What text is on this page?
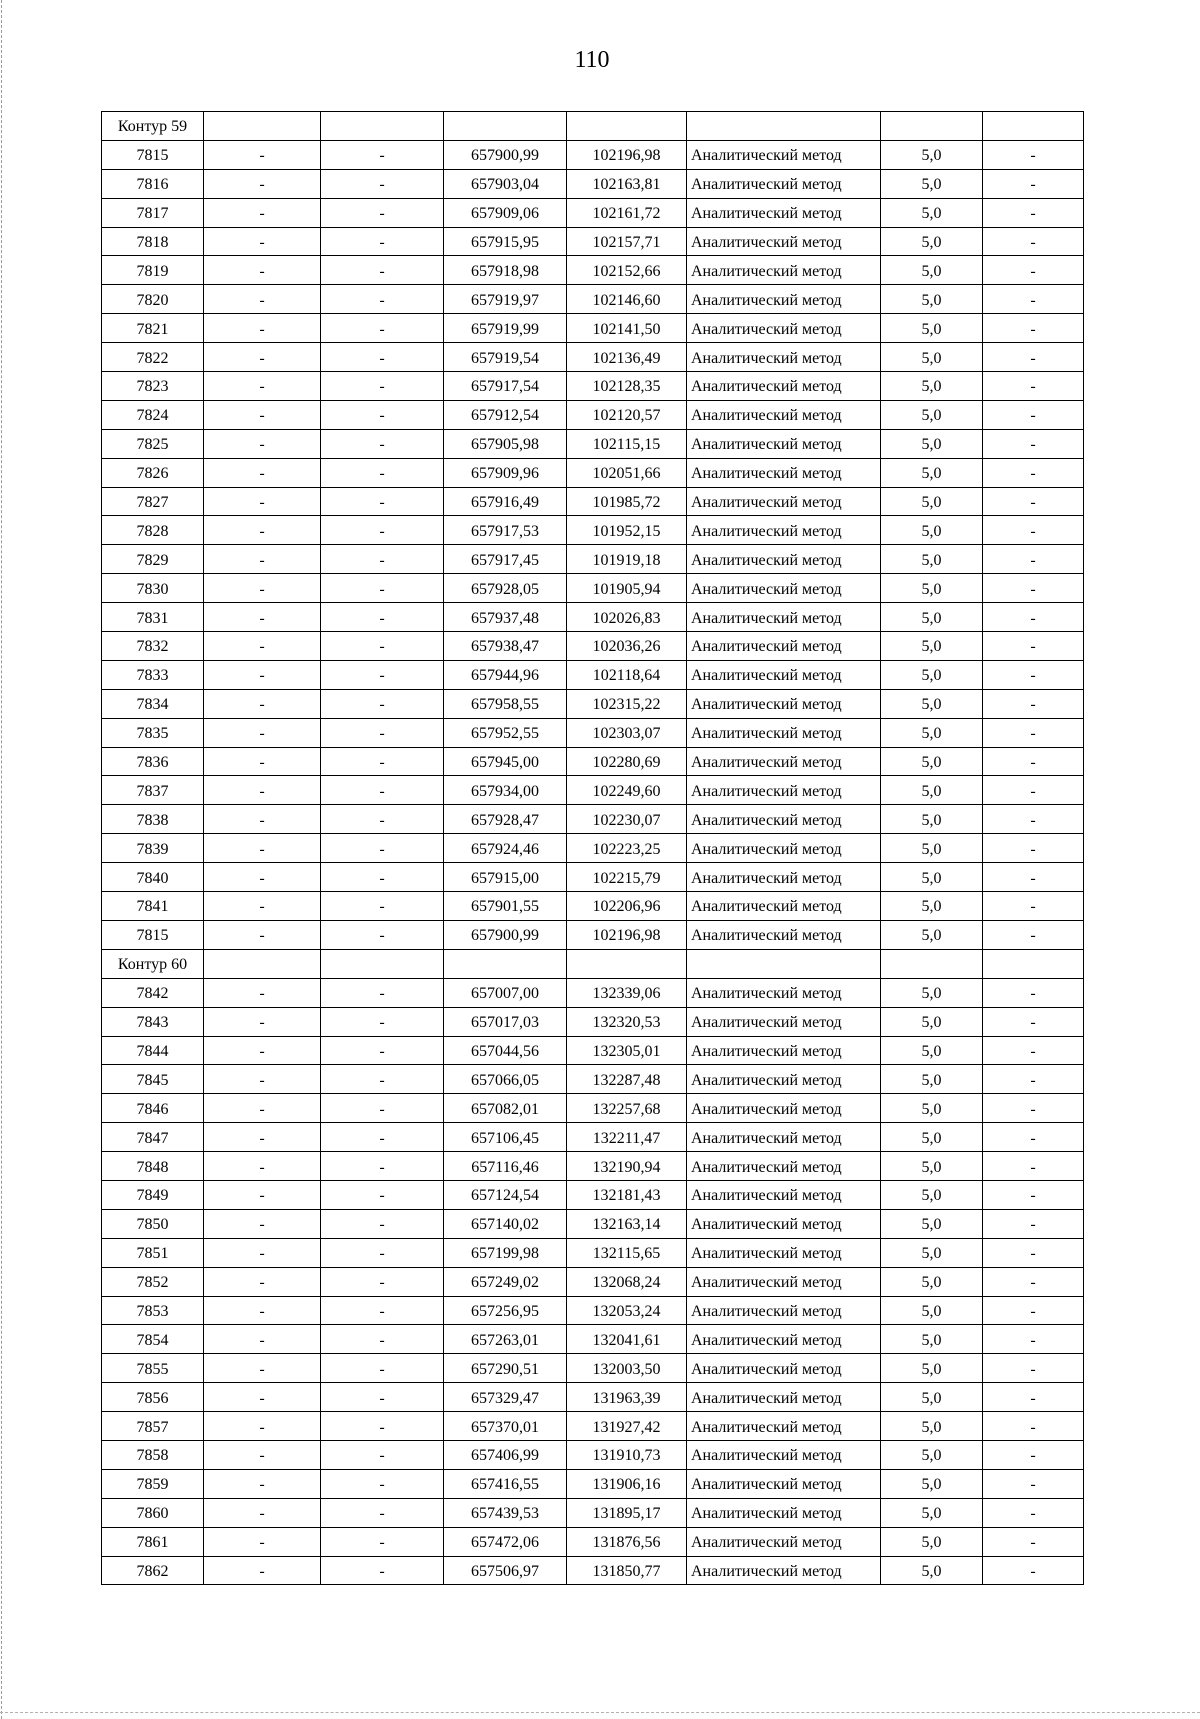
110
Контур 59							
7815	-	-	657900,99	102196,98	Аналитический метод	5,0	-
7816	-	-	657903,04	102163,81	Аналитический метод	5,0	-
7817	-	-	657909,06	102161,72	Аналитический метод	5,0	-
7818	-	-	657915,95	102157,71	Аналитический метод	5,0	-
7819	-	-	657918,98	102152,66	Аналитический метод	5,0	-
7820	-	-	657919,97	102146,60	Аналитический метод	5,0	-
7821	-	-	657919,99	102141,50	Аналитический метод	5,0	-
7822	-	-	657919,54	102136,49	Аналитический метод	5,0	-
7823	-	-	657917,54	102128,35	Аналитический метод	5,0	-
7824	-	-	657912,54	102120,57	Аналитический метод	5,0	-
7825	-	-	657905,98	102115,15	Аналитический метод	5,0	-
7826	-	-	657909,96	102051,66	Аналитический метод	5,0	-
7827	-	-	657916,49	101985,72	Аналитический метод	5,0	-
7828	-	-	657917,53	101952,15	Аналитический метод	5,0	-
7829	-	-	657917,45	101919,18	Аналитический метод	5,0	-
7830	-	-	657928,05	101905,94	Аналитический метод	5,0	-
7831	-	-	657937,48	102026,83	Аналитический метод	5,0	-
7832	-	-	657938,47	102036,26	Аналитический метод	5,0	-
7833	-	-	657944,96	102118,64	Аналитический метод	5,0	-
7834	-	-	657958,55	102315,22	Аналитический метод	5,0	-
7835	-	-	657952,55	102303,07	Аналитический метод	5,0	-
7836	-	-	657945,00	102280,69	Аналитический метод	5,0	-
7837	-	-	657934,00	102249,60	Аналитический метод	5,0	-
7838	-	-	657928,47	102230,07	Аналитический метод	5,0	-
7839	-	-	657924,46	102223,25	Аналитический метод	5,0	-
7840	-	-	657915,00	102215,79	Аналитический метод	5,0	-
7841	-	-	657901,55	102206,96	Аналитический метод	5,0	-
7815	-	-	657900,99	102196,98	Аналитический метод	5,0	-
Контур 60							
7842	-	-	657007,00	132339,06	Аналитический метод	5,0	-
7843	-	-	657017,03	132320,53	Аналитический метод	5,0	-
7844	-	-	657044,56	132305,01	Аналитический метод	5,0	-
7845	-	-	657066,05	132287,48	Аналитический метод	5,0	-
7846	-	-	657082,01	132257,68	Аналитический метод	5,0	-
7847	-	-	657106,45	132211,47	Аналитический метод	5,0	-
7848	-	-	657116,46	132190,94	Аналитический метод	5,0	-
7849	-	-	657124,54	132181,43	Аналитический метод	5,0	-
7850	-	-	657140,02	132163,14	Аналитический метод	5,0	-
7851	-	-	657199,98	132115,65	Аналитический метод	5,0	-
7852	-	-	657249,02	132068,24	Аналитический метод	5,0	-
7853	-	-	657256,95	132053,24	Аналитический метод	5,0	-
7854	-	-	657263,01	132041,61	Аналитический метод	5,0	-
7855	-	-	657290,51	132003,50	Аналитический метод	5,0	-
7856	-	-	657329,47	131963,39	Аналитический метод	5,0	-
7857	-	-	657370,01	131927,42	Аналитический метод	5,0	-
7858	-	-	657406,99	131910,73	Аналитический метод	5,0	-
7859	-	-	657416,55	131906,16	Аналитический метод	5,0	-
7860	-	-	657439,53	131895,17	Аналитический метод	5,0	-
7861	-	-	657472,06	131876,56	Аналитический метод	5,0	-
7862	-	-	657506,97	131850,77	Аналитический метод	5,0	-
